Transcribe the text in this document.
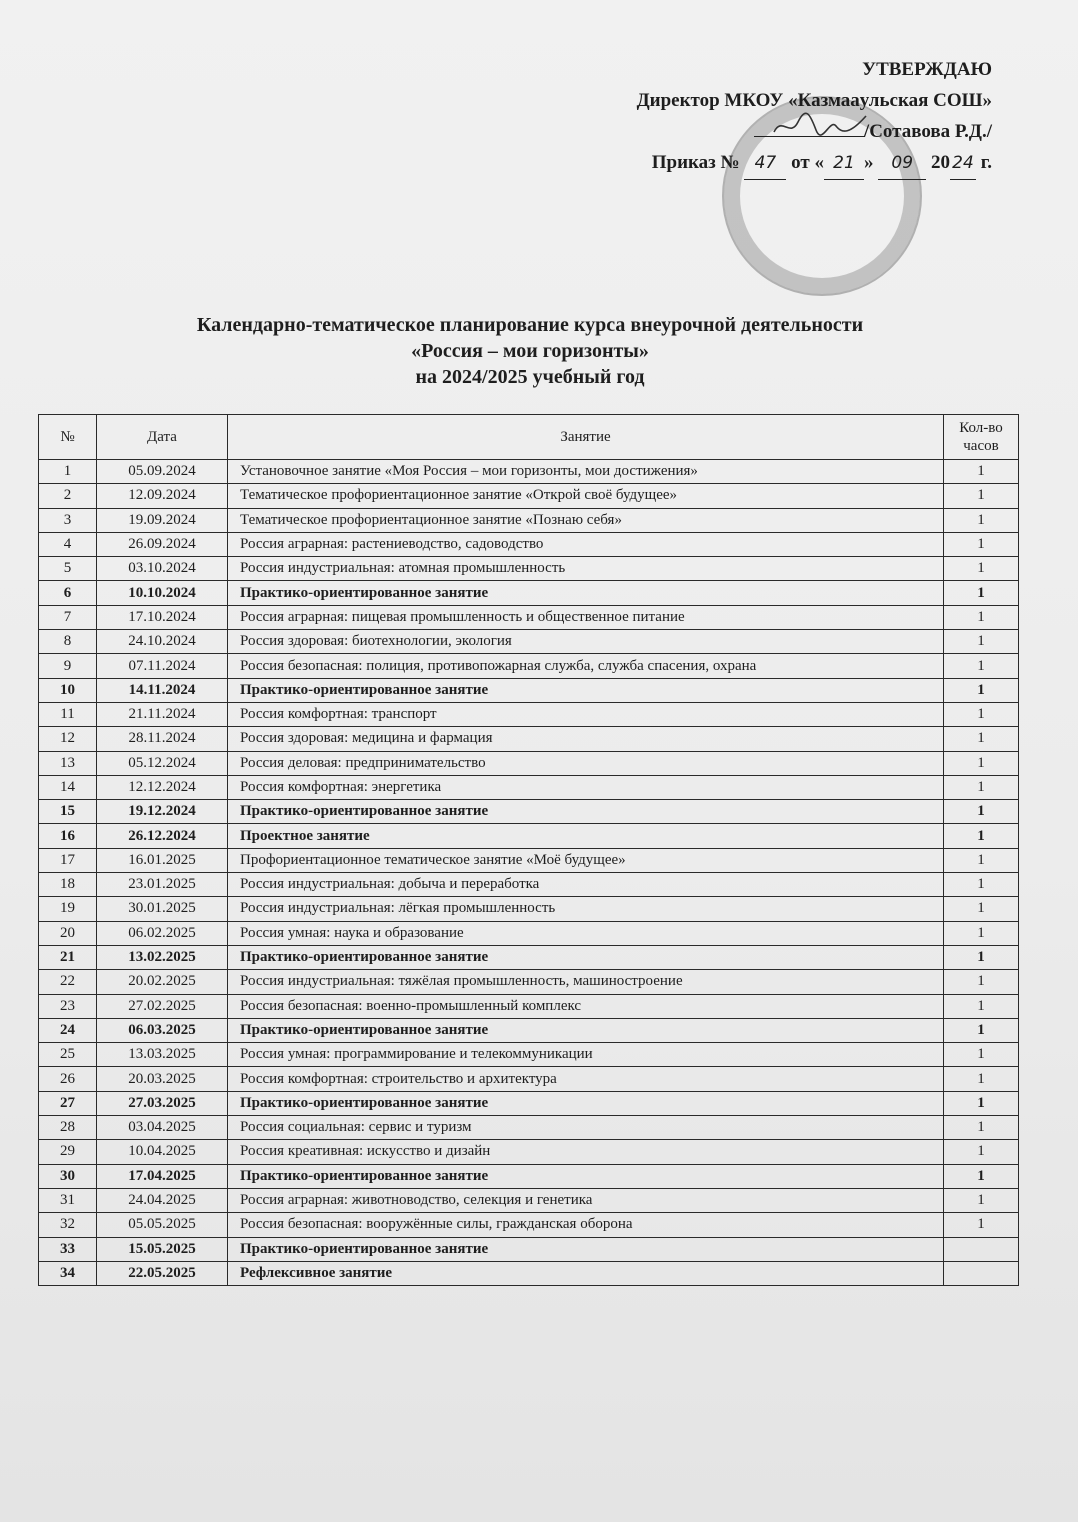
УТВЕРЖДАЮ
Директор МКОУ «Казмаaульская СОШ»
/Сотавова Р.Д./
Приказ № 47 от « 21 » 09 20 24 г.
Календарно-тематическое планирование курса внеурочной деятельности
«Россия – мои горизонты»
на 2024/2025 учебный год
№	Дата	Занятие	Кол-во часов
1	05.09.2024	Установочное занятие «Моя Россия – мои горизонты, мои достижения»	1
2	12.09.2024	Тематическое профориентационное занятие «Открой своё будущее»	1
3	19.09.2024	Тематическое профориентационное занятие «Познаю себя»	1
4	26.09.2024	Россия аграрная: растениеводство, садоводство	1
5	03.10.2024	Россия индустриальная: атомная промышленность	1
6	10.10.2024	Практико-ориентированное занятие	1
7	17.10.2024	Россия аграрная: пищевая промышленность и общественное питание	1
8	24.10.2024	Россия здоровая: биотехнологии, экология	1
9	07.11.2024	Россия безопасная: полиция, противопожарная служба, служба спасения, охрана	1
10	14.11.2024	Практико-ориентированное занятие	1
11	21.11.2024	Россия комфортная: транспорт	1
12	28.11.2024	Россия здоровая: медицина и фармация	1
13	05.12.2024	Россия деловая: предпринимательство	1
14	12.12.2024	Россия комфортная: энергетика	1
15	19.12.2024	Практико-ориентированное занятие	1
16	26.12.2024	Проектное занятие	1
17	16.01.2025	Профориентационное тематическое занятие «Моё будущее»	1
18	23.01.2025	Россия индустриальная: добыча и переработка	1
19	30.01.2025	Россия индустриальная: лёгкая промышленность	1
20	06.02.2025	Россия умная: наука и образование	1
21	13.02.2025	Практико-ориентированное занятие	1
22	20.02.2025	Россия индустриальная: тяжёлая промышленность, машиностроение	1
23	27.02.2025	Россия безопасная: военно-промышленный комплекс	1
24	06.03.2025	Практико-ориентированное занятие	1
25	13.03.2025	Россия умная: программирование и телекоммуникации	1
26	20.03.2025	Россия комфортная: строительство и архитектура	1
27	27.03.2025	Практико-ориентированное занятие	1
28	03.04.2025	Россия социальная: сервис и туризм	1
29	10.04.2025	Россия креативная: искусство и дизайн	1
30	17.04.2025	Практико-ориентированное занятие	1
31	24.04.2025	Россия аграрная: животноводство, селекция и генетика	1
32	05.05.2025	Россия безопасная: вооружённые силы, гражданская оборона	1
33	15.05.2025	Практико-ориентированное занятие	
34	22.05.2025	Рефлексивное занятие	
